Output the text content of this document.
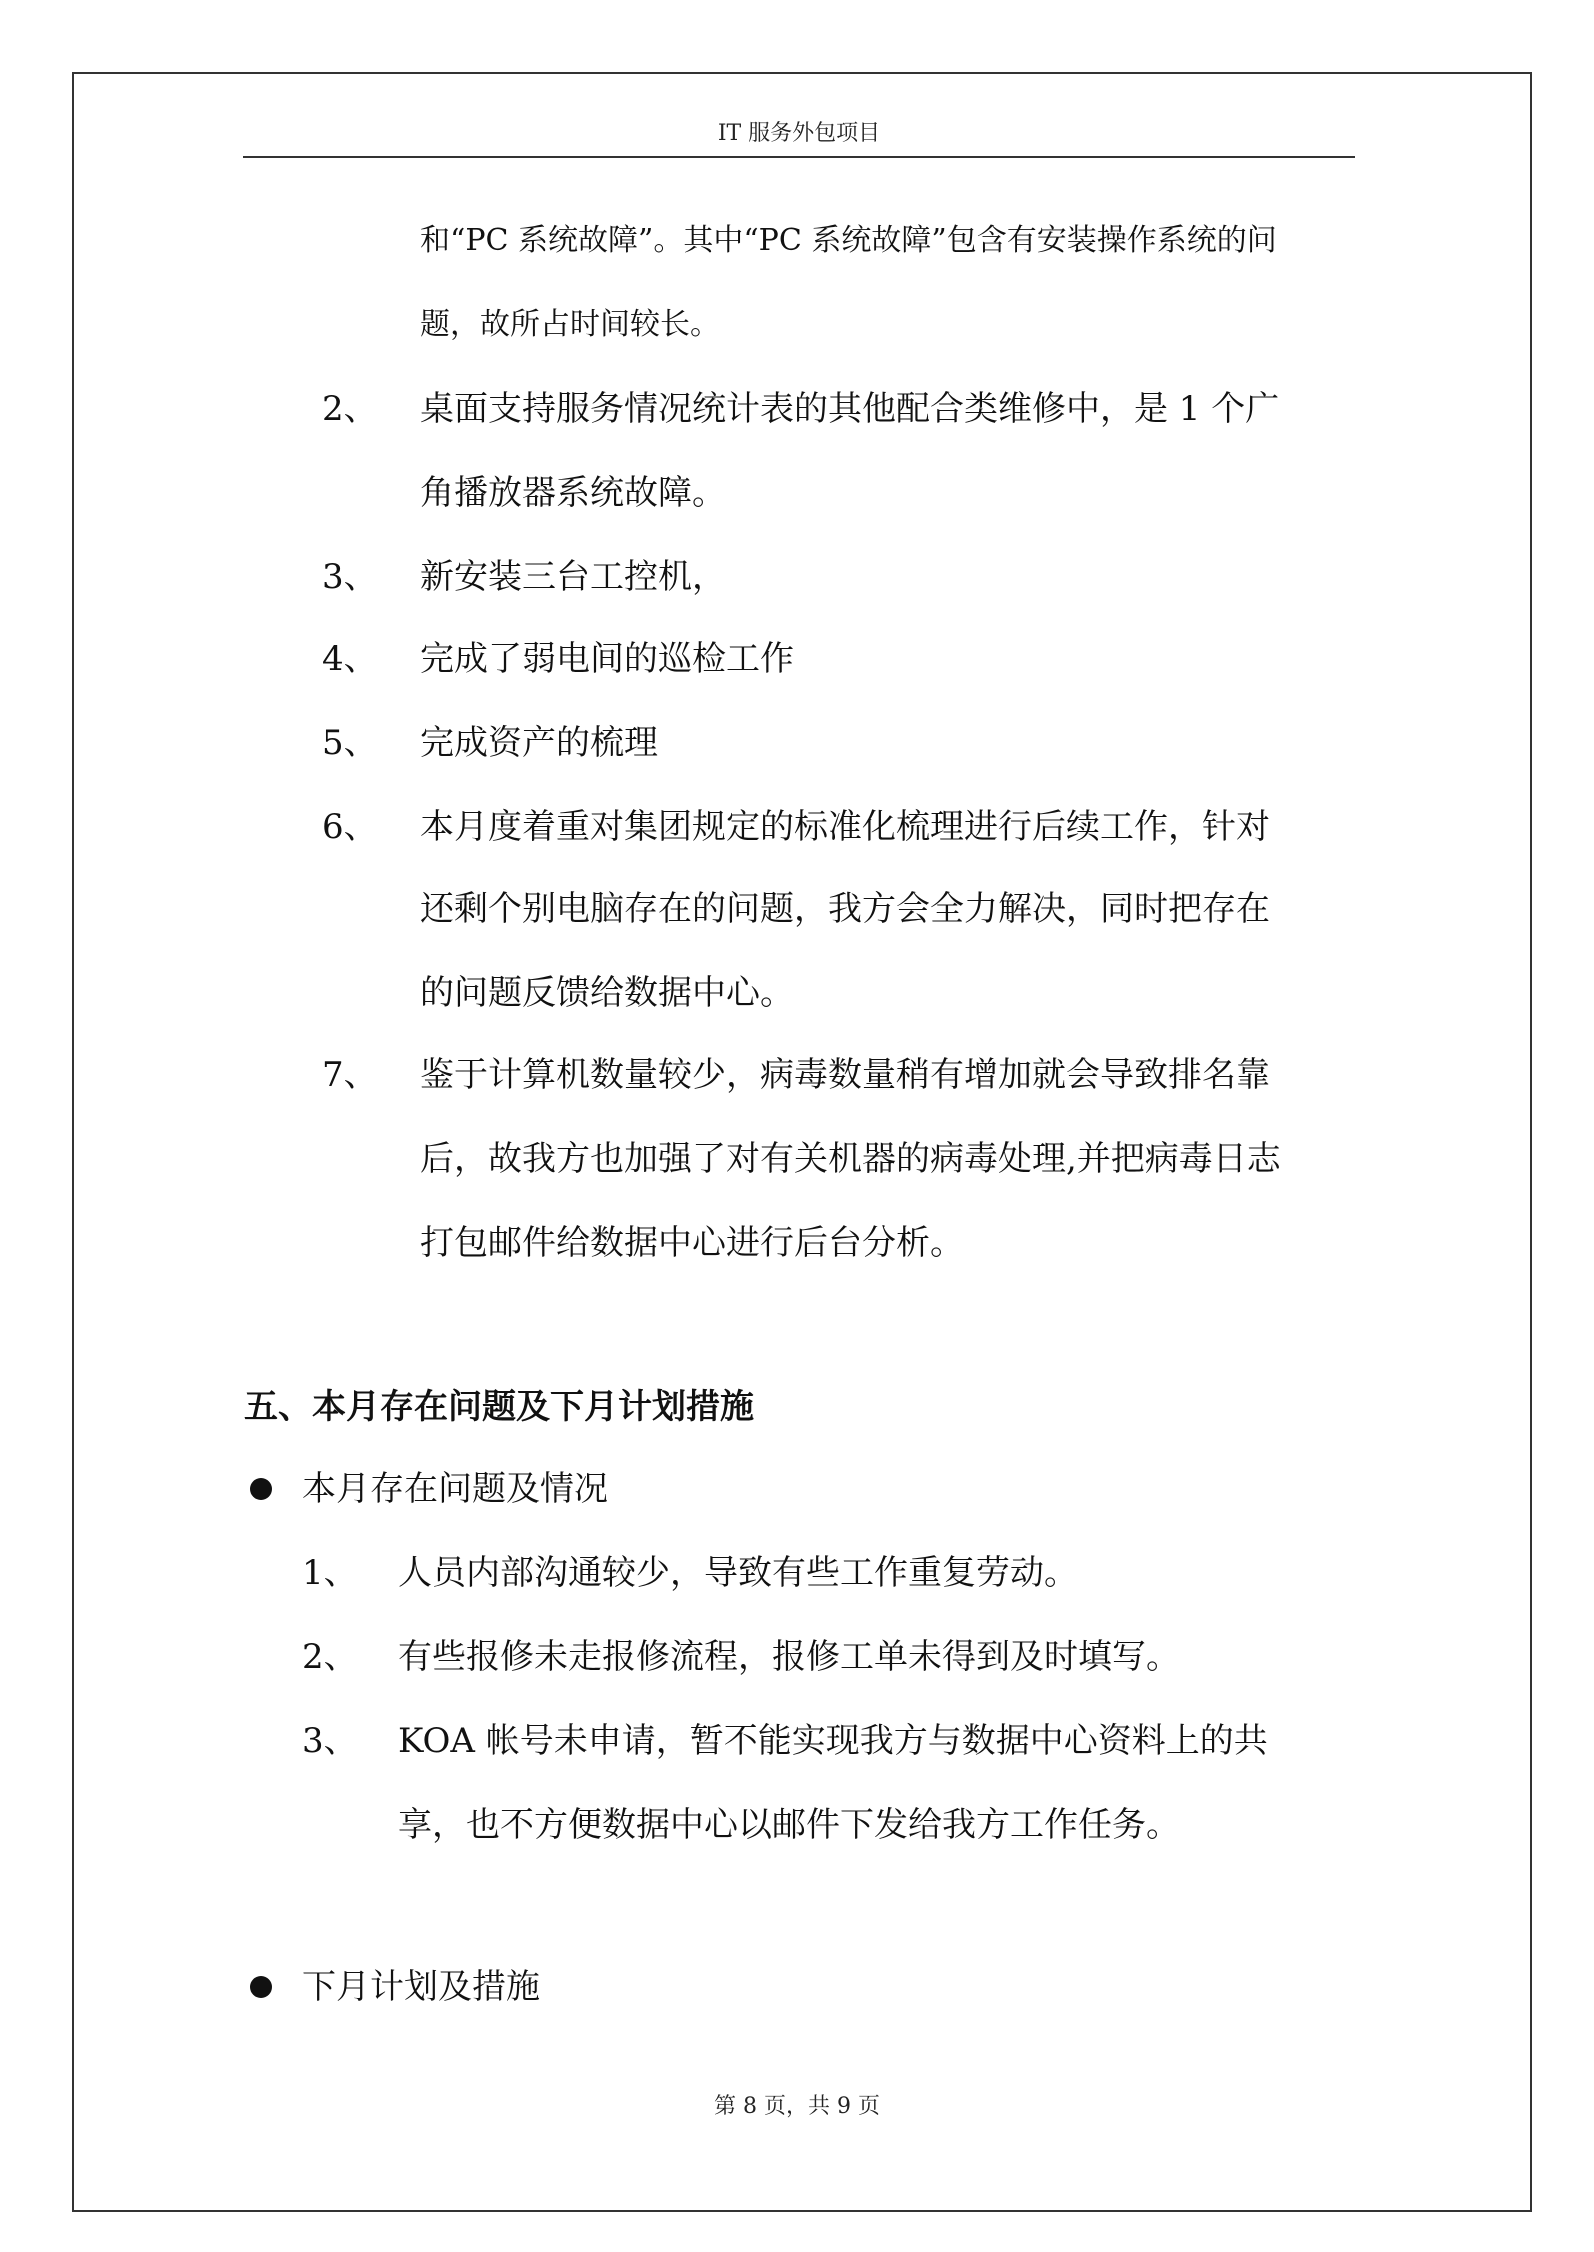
IT 服务外包项目
和“PC 系统故障”。其中“PC 系统故障”包含有安装操作系统的问
题，故所占时间较长。
2、 桌面支持服务情况统计表的其他配合类维修中，是 1 个广
角播放器系统故障。
3、 新安装三台工控机，
4、 完成了弱电间的巡检工作
5、 完成资产的梳理
6、 本月度着重对集团规定的标准化梳理进行后续工作，针对
还剩个别电脑存在的问题，我方会全力解决，同时把存在
的问题反馈给数据中心。
7、 鉴于计算机数量较少，病毒数量稍有增加就会导致排名靠
后，故我方也加强了对有关机器的病毒处理,并把病毒日志
打包邮件给数据中心进行后台分析。
五、本月存在问题及下月计划措施
本月存在问题及情况
1、 人员内部沟通较少，导致有些工作重复劳动。
2、 有些报修未走报修流程，报修工单未得到及时填写。
3、 KOA 帐号未申请，暂不能实现我方与数据中心资料上的共
享，也不方便数据中心以邮件下发给我方工作任务。
下月计划及措施
第 8 页，共 9 页
